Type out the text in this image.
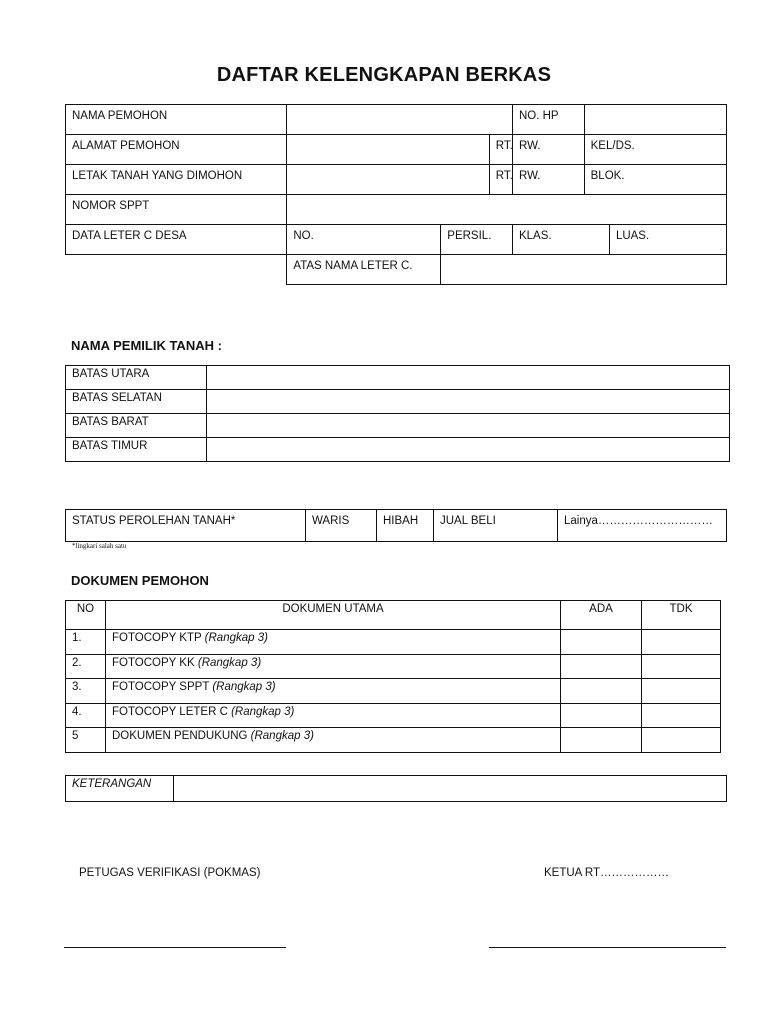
DAFTAR KELENGKAPAN BERKAS
NAMA PEMOHON				NO. HP		
ALAMAT PEMOHON			RT.	RW.	KEL/DS.	
LETAK TANAH YANG DIMOHON			RT.	RW.	BLOK.	
NOMOR SPPT						
DATA LETER C DESA	NO.	PERSIL.		KLAS.		LUAS.
	ATAS NAMA LETER C.					
NAMA PEMILIK TANAH :
BATAS UTARA	
BATAS SELATAN	
BATAS BARAT	
BATAS TIMUR	
STATUS PEROLEHAN TANAH*	WARIS	HIBAH	JUAL BELI	Lainya…………………………
*lingkari salah satu
DOKUMEN PEMOHON
NO	DOKUMEN UTAMA	ADA	TDK
1.	FOTOCOPY KTP (Rangkap 3)		
2.	FOTOCOPY KK (Rangkap 3)		
3.	FOTOCOPY SPPT (Rangkap 3)		
4.	FOTOCOPY LETER C (Rangkap 3)		
5	DOKUMEN PENDUKUNG (Rangkap 3)		
KETERANGAN	
PETUGAS VERIFIKASI (POKMAS)	KETUA RT………………
